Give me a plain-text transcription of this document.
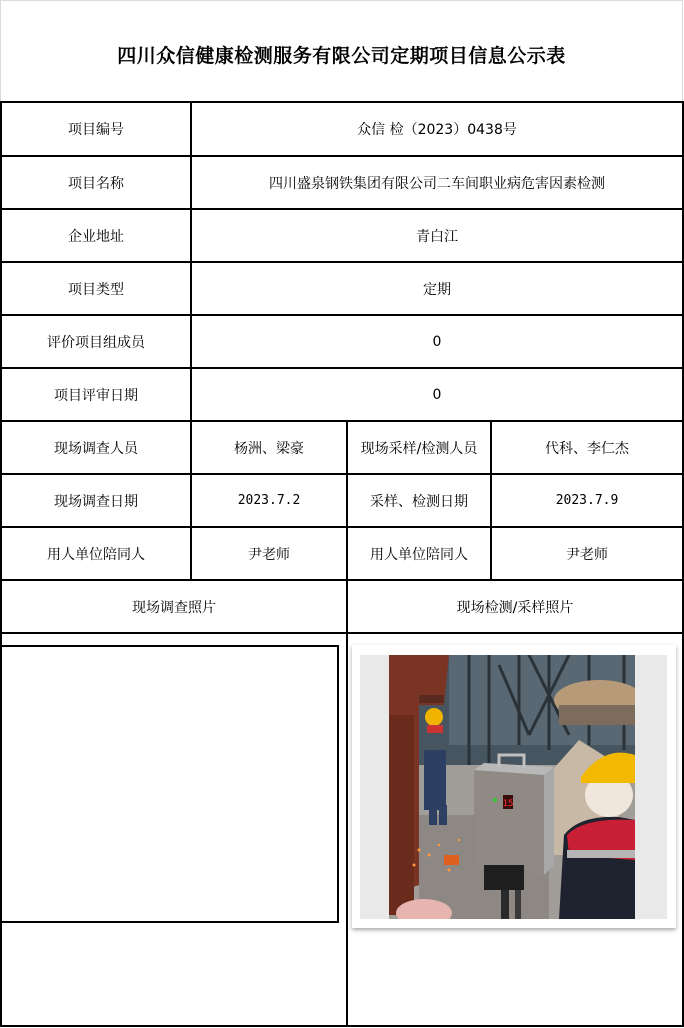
四川众信健康检测服务有限公司定期项目信息公示表
项目编号	众信 检（2023）0438号
项目名称	四川盛泉钢铁集团有限公司二车间职业病危害因素检测
企业地址	青白江
项目类型	定期
评价项目组成员	0
项目评审日期	0
现场调查人员	杨洲、梁豪	现场采样/检测人员	代科、李仁杰
现场调查日期	2023.7.2	采样、检测日期	2023.7.9
用人单位陪同人	尹老师	用人单位陪同人	尹老师
现场调查照片	现场检测/采样照片
15
